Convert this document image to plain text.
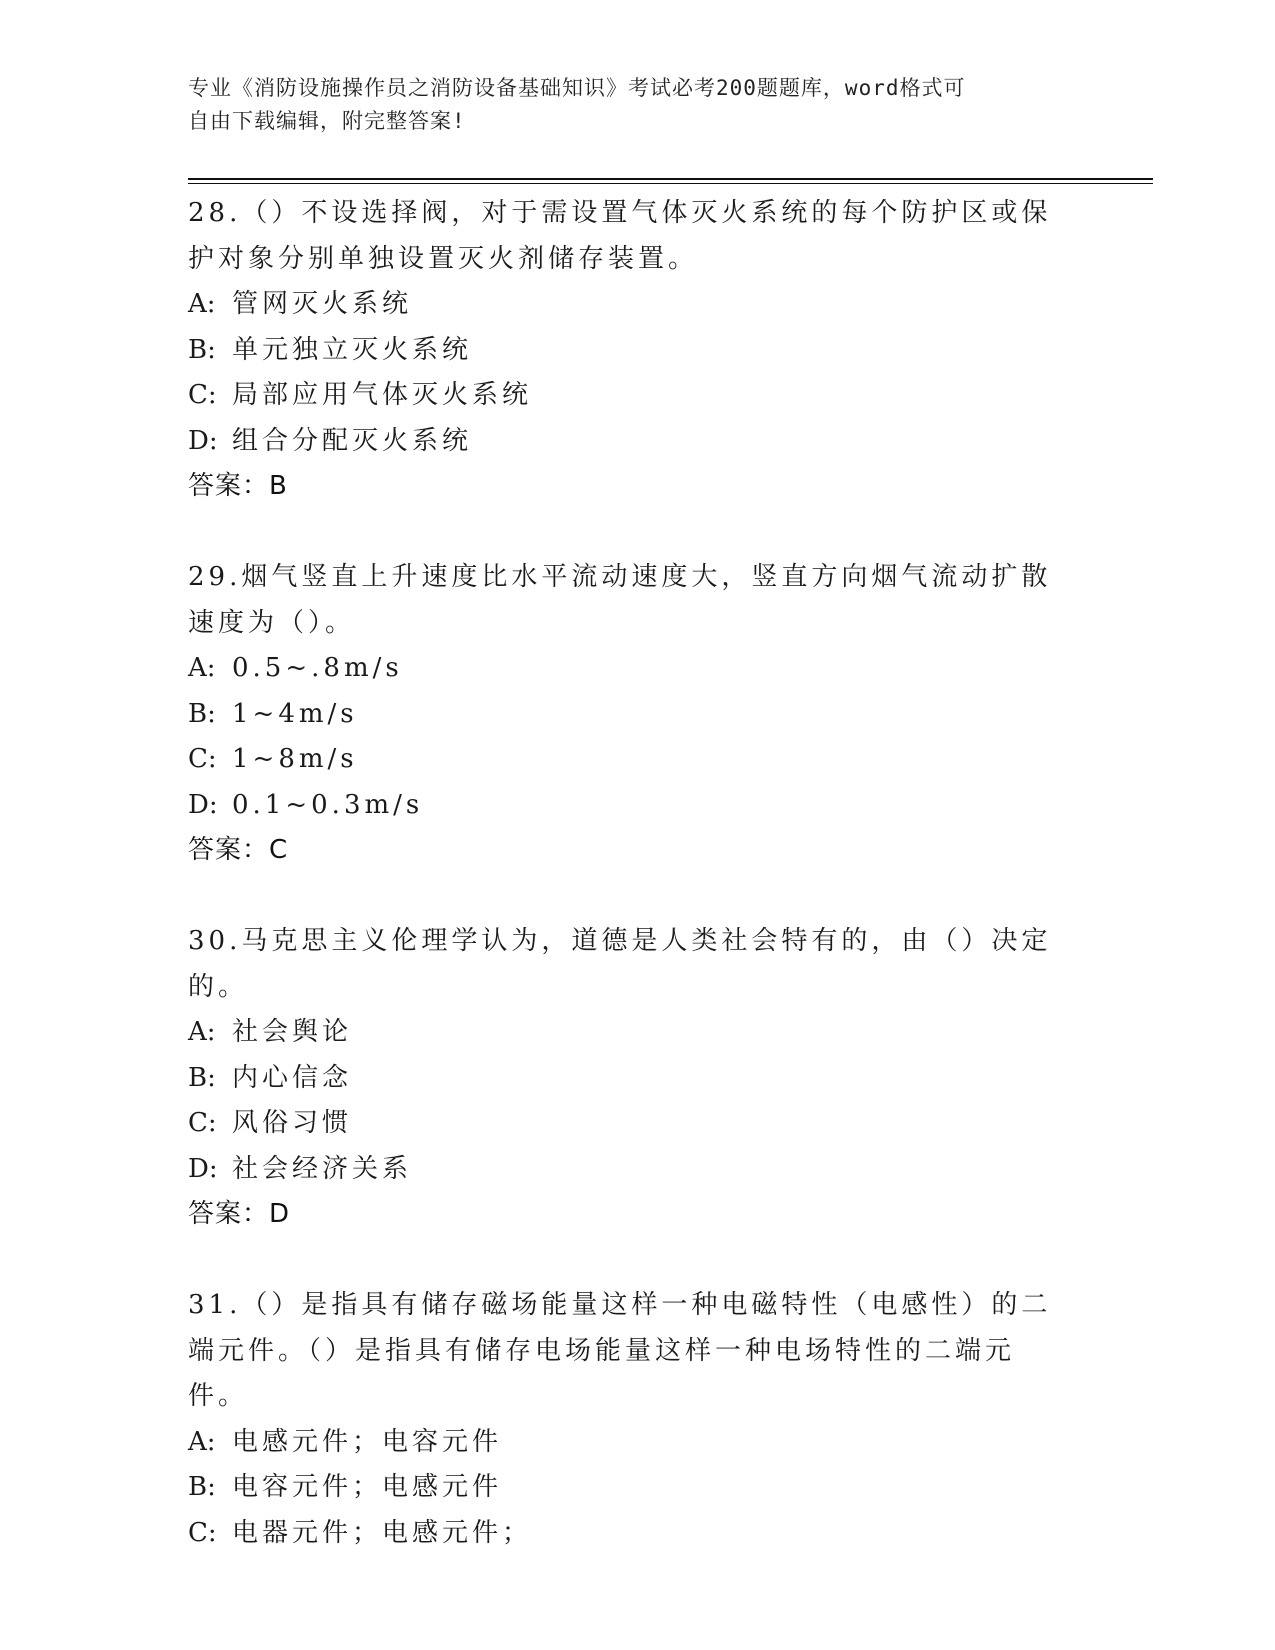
专业《消防设施操作员之消防设备基础知识》考试必考200题题库，word格式可
自由下载编辑，附完整答案!
28.（）不设选择阀，对于需设置气体灭火系统的每个防护区或保护对象分别单独设置灭火剂储存装置。
A: 管网灭火系统
B: 单元独立灭火系统
C: 局部应用气体灭火系统
D: 组合分配灭火系统
答案：B
29.烟气竖直上升速度比水平流动速度大，竖直方向烟气流动扩散速度为（）。
A: 0.5~.8m/s
B: 1~4m/s
C: 1~8m/s
D: 0.1~0.3m/s
答案：C
30.马克思主义伦理学认为，道德是人类社会特有的，由（）决定的。
A: 社会舆论
B: 内心信念
C: 风俗习惯
D: 社会经济关系
答案：D
31.（）是指具有储存磁场能量这样一种电磁特性（电感性）的二端元件。（）是指具有储存电场能量这样一种电场特性的二端元件。
A: 电感元件；电容元件
B: 电容元件；电感元件
C: 电器元件；电感元件；
